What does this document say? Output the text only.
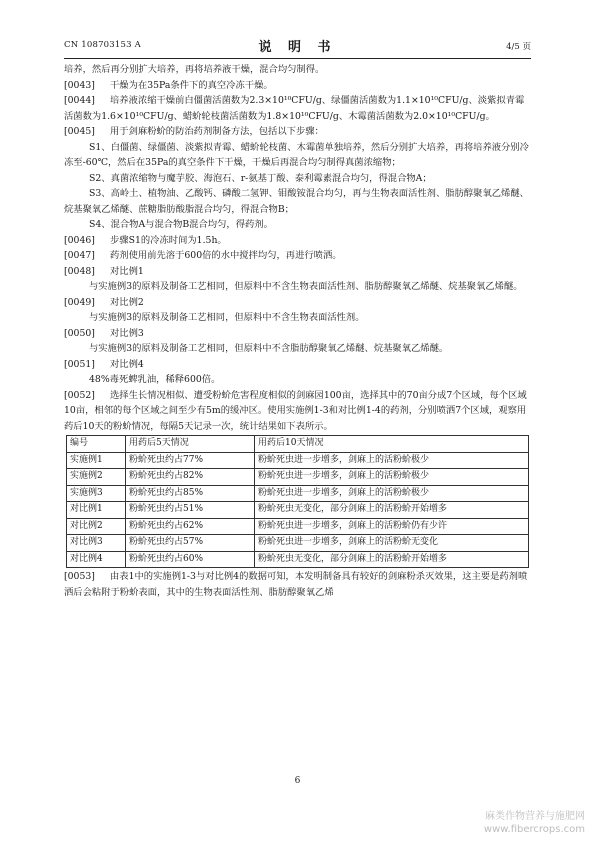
CN 108703153 A	说 明 书	4/5 页

培养，然后再分别扩大培养，再将培养液干燥，混合均匀制得。

[0043] 干燥为在35Pa条件下的真空冷冻干燥。

[0044] 培养液浓缩干燥前白僵菌活菌数为2.3×10¹⁰CFU/g、绿僵菌活菌数为1.1×10¹⁰CFU/g、淡紫拟青霉活菌数为1.6×10¹⁰CFU/g、蜡蚧轮枝菌活菌数为1.8×10¹⁰CFU/g、木霉菌活菌数为2.0×10¹⁰CFU/g。

[0045] 用于剑麻粉蚧的防治药剂制备方法，包括以下步骤：

S1、白僵菌、绿僵菌、淡紫拟青霉、蜡蚧轮枝菌、木霉菌单独培养，然后分别扩大培养，再将培养液分别冷冻至-60℃，然后在35Pa的真空条件下干燥，干燥后再混合均匀制得真菌浓缩物；

S2、真菌浓缩物与魔芋胶、海泡石、r-氨基丁酸、泰利霉素混合均匀，得混合物A；

S3、高岭土、植物油、乙酸钙、磷酸二氢钾、钼酸铵混合均匀，再与生物表面活性剂、脂肪醇聚氧乙烯醚、烷基聚氧乙烯醚、蔗糖脂肪酸脂混合均匀，得混合物B；

S4、混合物A与混合物B混合均匀，得药剂。

[0046] 步骤S1的冷冻时间为1.5h。

[0047] 药剂使用前先溶于600倍的水中搅拌均匀，再进行喷洒。

[0048] 对比例1

与实施例3的原料及制备工艺相同，但原料中不含生物表面活性剂、脂肪醇聚氧乙烯醚、烷基聚氧乙烯醚。

[0049] 对比例2

与实施例3的原料及制备工艺相同，但原料中不含生物表面活性剂。

[0050] 对比例3

与实施例3的原料及制备工艺相同，但原料中不含脂肪醇聚氧乙烯醚、烷基聚氧乙烯醚。

[0051] 对比例4

48%毒死蜱乳油，稀释600倍。

[0052] 选择生长情况相似、遭受粉蚧危害程度相似的剑麻园100亩，选择其中的70亩分成7个区域，每个区域10亩，相邻的每个区域之间至少有5m的缓冲区。使用实施例1-3和对比例1-4的药剂，分别喷洒7个区域，观察用药后10天的粉蚧情况，每隔5天记录一次，统计结果如下表所示。

编号	用药后5天情况	用药后10天情况
实施例1	粉蚧死虫约占77%	粉蚧死虫进一步增多，剑麻上的活粉蚧极少
实施例2	粉蚧死虫约占82%	粉蚧死虫进一步增多，剑麻上的活粉蚧极少
实施例3	粉蚧死虫约占85%	粉蚧死虫进一步增多，剑麻上的活粉蚧极少
对比例1	粉蚧死虫约占51%	粉蚧死虫无变化，部分剑麻上的活粉蚧开始增多
对比例2	粉蚧死虫约占62%	粉蚧死虫进一步增多，剑麻上的活粉蚧仍有少许
对比例3	粉蚧死虫约占57%	粉蚧死虫进一步增多，剑麻上的活粉蚧无变化
对比例4	粉蚧死虫约占60%	粉蚧死虫无变化，部分剑麻上的活粉蚧开始增多

[0053] 由表1中的实施例1-3与对比例4的数据可知，本发明制备具有较好的剑麻粉杀灭效果，这主要是药剂喷洒后会粘附于粉蚧表面，其中的生物表面活性剂、脂肪醇聚氧乙烯

6
麻类作物营养与施肥网
www.fibercrops.com
